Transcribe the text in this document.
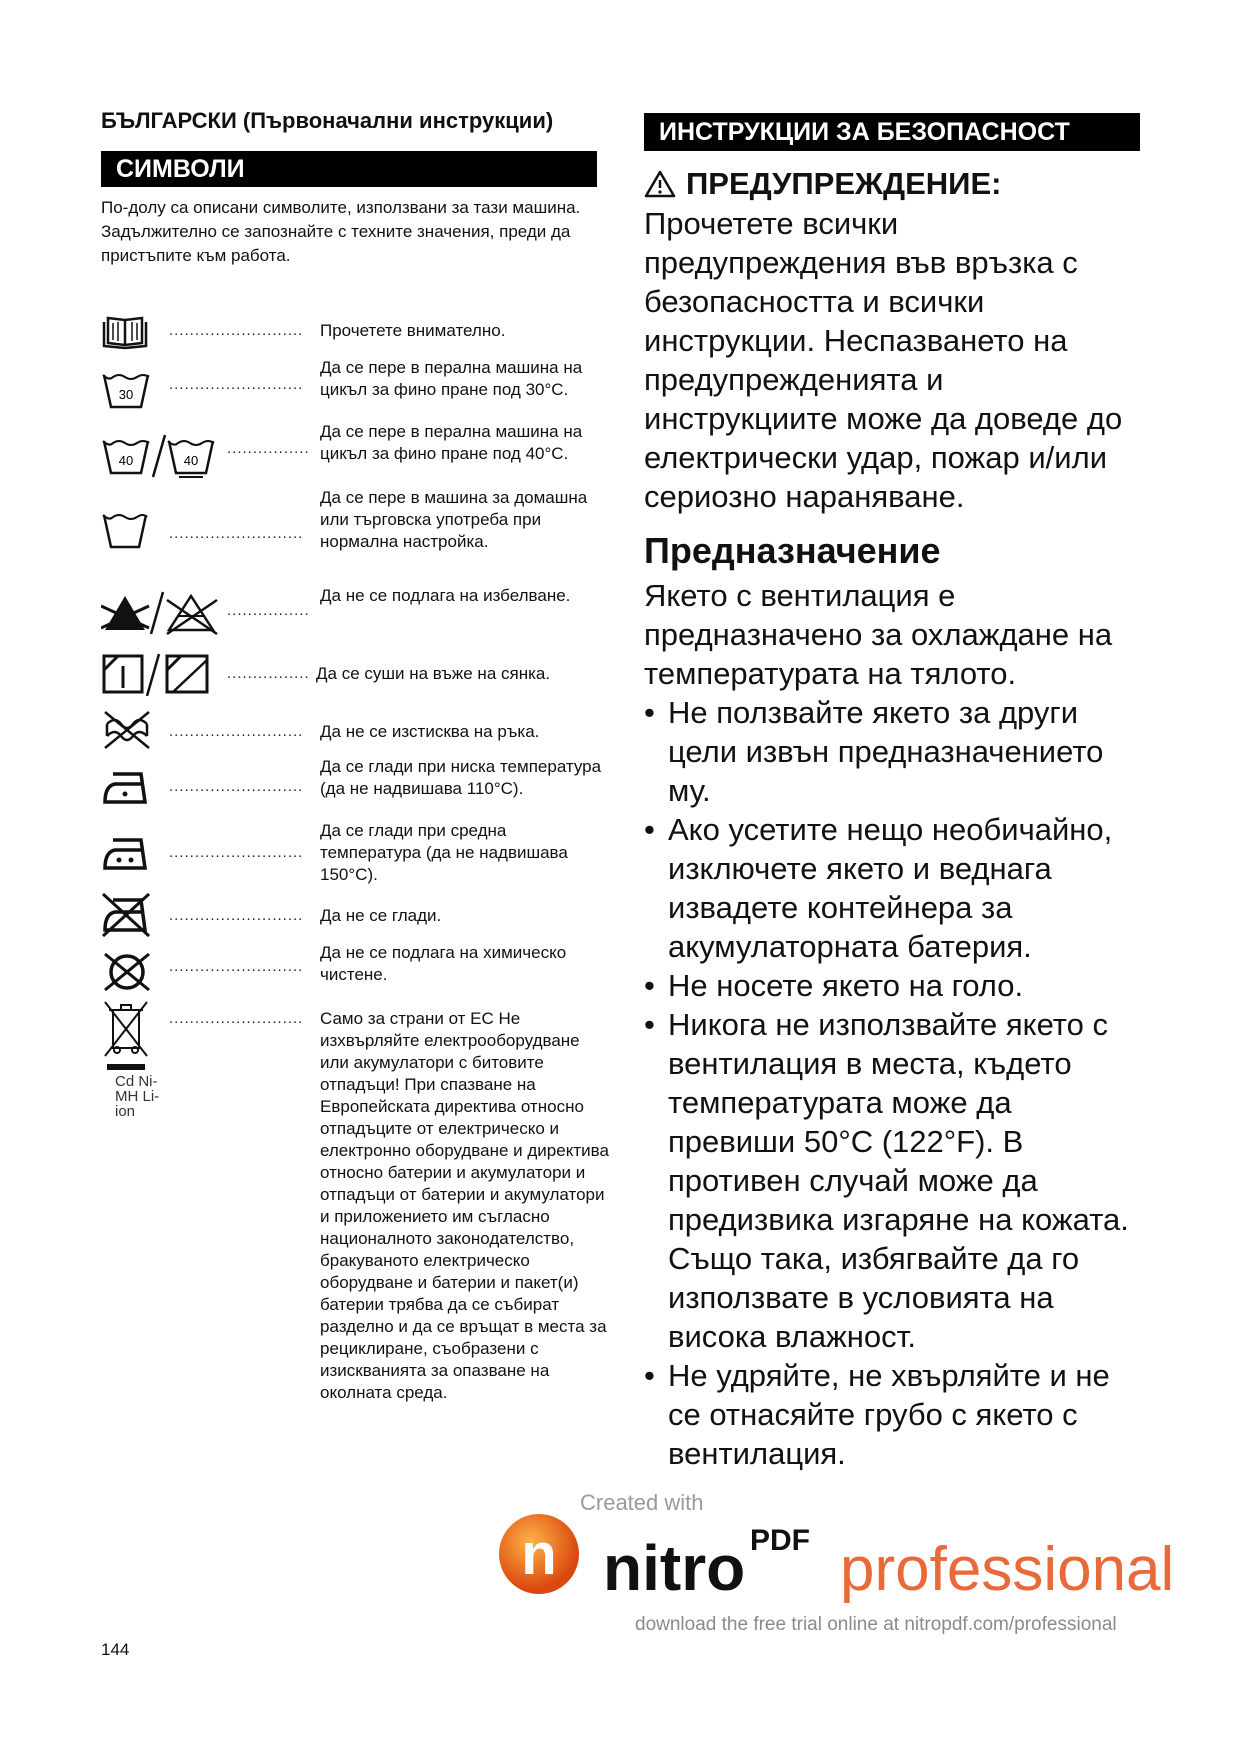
БЪЛГАРСКИ (Първоначални инструкции)
СИМВОЛИ
ИНСТРУКЦИИ ЗА БЕЗОПАСНОСТ
По-долу са описани символите, използвани за тази машина.
Задължително се запознайте с техните значения, преди да пристъпите към работа.
.......................... Прочетете внимателно.
30
..........................
Да се пере в перална машина на цикъл за фино пране под 30°C.
40	40
................
Да се пере в перална машина на цикъл за фино пране под 40°C.
..........................
Да се пере в машина за домашна или търговска употреба при нормална настройка.
................
Да не се подлага на избелване.
................ Да се суши на въже на сянка.
.......................... Да не се изстисква на ръка.
..........................
Да се глади при ниска температура (да не надвишава 110°C).
..........................
Да се глади при средна температура (да не надвишава 150°C).
.......................... Да не се глади.
..........................
Да не се подлага на химическо чистене.
Cd Ni-MH Li-ion
.......................... Само за страни от ЕС Не изхвърляйте електрооборудване или акумулатори с битовите отпадъци! При спазване на Европейската директива относно отпадъците от електрическо и електронно оборудване и директива относно батерии и акумулатори и отпадъци от батерии и акумулатори и приложението им съгласно националното законодателство, бракуваното електрическо оборудване и батерии и пакет(и) батерии трябва да се събират разделно и да се връщат в места за рециклиране, съобразени с изискванията за опазване на околната среда.
ПРЕДУПРЕЖДЕНИЕ:
Прочетете всички предупреждения във връзка с безопасността и всички инструкции. Неспазването на предупрежденията и инструкциите може да доведе до електрически удар, пожар и/или сериозно нараняване.
Предназначение
Якето с вентилация е предназначено за охлаждане на температурата на тялото.
• Не ползвайте якето за други цели извън предназначението му.
• Ако усетите нещо необичайно, изключете якето и веднага извадете контейнера за акумулаторната батерия.
• Не носете якето на голо.
• Никога не използвайте якето с вентилация в места, където температурата може да превиши 50°C (122°F). В противен случай може да предизвика изгаряне на кожата. Също така, избягвайте да го използвате в условията на висока влажност.
• Не удряйте, не хвърляйте и не се отнасяйте грубо с якето с вентилация.
Created with
n nitro PDF professional
download the free trial online at nitropdf.com/professional
144
